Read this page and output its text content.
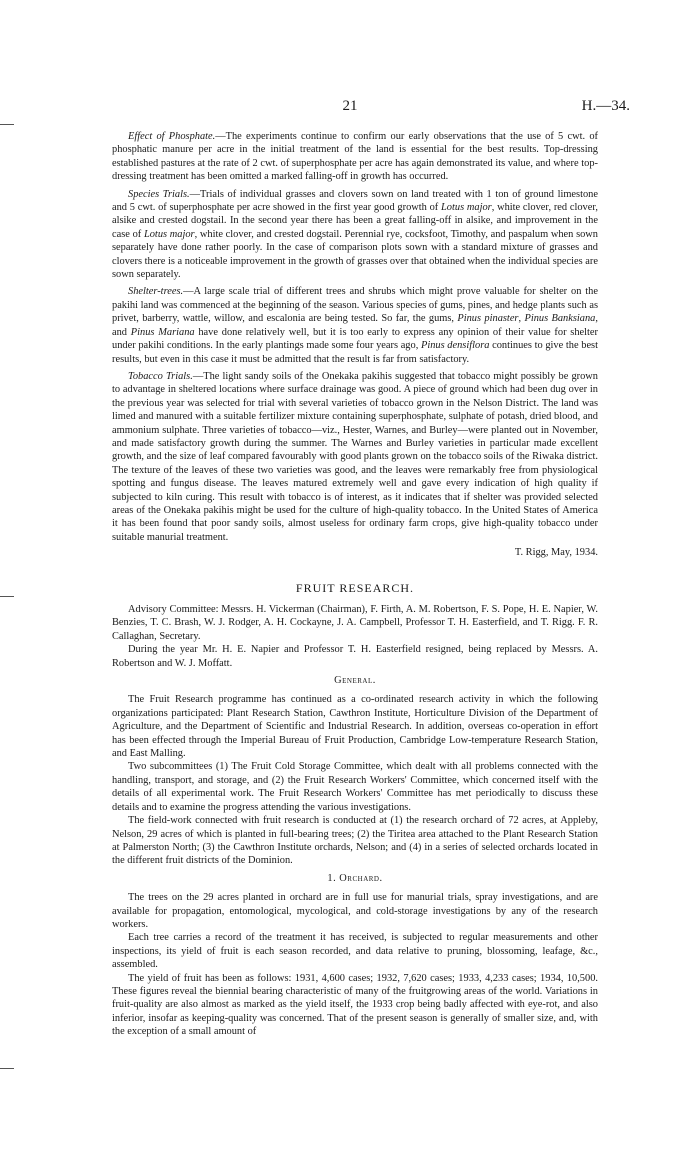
21	H.—34.

Effect of Phosphate.—The experiments continue to confirm our early observations that the use of 5 cwt. of phosphatic manure per acre in the initial treatment of the land is essential for the best results. Top-dressing established pastures at the rate of 2 cwt. of superphosphate per acre has again demonstrated its value, and where top-dressing treatment has been omitted a marked falling-off in growth has occurred.

Species Trials.—Trials of individual grasses and clovers sown on land treated with 1 ton of ground limestone and 5 cwt. of superphosphate per acre showed in the first year good growth of Lotus major, white clover, red clover, alsike and crested dogstail. In the second year there has been a great falling-off in alsike, and improvement in the case of Lotus major, white clover, and crested dogstail. Perennial rye, cocksfoot, Timothy, and paspalum when sown separately have done rather poorly. In the case of comparison plots sown with a standard mixture of grasses and clovers there is a noticeable improvement in the growth of grasses over that obtained when the individual species are sown separately.

Shelter-trees.—A large scale trial of different trees and shrubs which might prove valuable for shelter on the pakihi land was commenced at the beginning of the season. Various species of gums, pines, and hedge plants such as privet, barberry, wattle, willow, and escalonia are being tested. So far, the gums, Pinus pinaster, Pinus Banksiana, and Pinus Mariana have done relatively well, but it is too early to express any opinion of their value for shelter under pakihi conditions. In the early plantings made some four years ago, Pinus densiflora continues to give the best results, but even in this case it must be admitted that the result is far from satisfactory.

Tobacco Trials.—The light sandy soils of the Onekaka pakihis suggested that tobacco might possibly be grown to advantage in sheltered locations where surface drainage was good. A piece of ground which had been dug over in the previous year was selected for trial with several varieties of tobacco grown in the Nelson District. The land was limed and manured with a suitable fertilizer mixture containing superphosphate, sulphate of potash, dried blood, and ammonium sulphate. Three varieties of tobacco—viz., Hester, Warnes, and Burley—were planted out in November, and made satisfactory growth during the summer. The Warnes and Burley varieties in particular made excellent growth, and the size of leaf compared favourably with good plants grown on the tobacco soils of the Riwaka district. The texture of the leaves of these two varieties was good, and the leaves were remarkably free from physiological spotting and fungus disease. The leaves matured extremely well and gave every indication of high quality if subjected to kiln curing. This result with tobacco is of interest, as it indicates that if shelter was provided selected areas of the Onekaka pakihis might be used for the culture of high-quality tobacco. In the United States of America it has been found that poor sandy soils, almost useless for ordinary farm crops, give high-quality tobacco under suitable manurial treatment.

T. Rigg, May, 1934.
FRUIT RESEARCH.

Advisory Committee: Messrs. H. Vickerman (Chairman), F. Firth, A. M. Robertson, F. S. Pope, H. E. Napier, W. Benzies, T. C. Brash, W. J. Rodger, A. H. Cockayne, J. A. Campbell, Professor T. H. Easterfield, and T. Rigg. F. R. Callaghan, Secretary.

During the year Mr. H. E. Napier and Professor T. H. Easterfield resigned, being replaced by Messrs. A. Robertson and W. J. Moffatt.

General.

The Fruit Research programme has continued as a co-ordinated research activity in which the following organizations participated: Plant Research Station, Cawthron Institute, Horticulture Division of the Department of Agriculture, and the Department of Scientific and Industrial Research. In addition, overseas co-operation in effort has been effected through the Imperial Bureau of Fruit Production, Cambridge Low-temperature Research Station, and East Malling.

Two subcommittees (1) The Fruit Cold Storage Committee, which dealt with all problems connected with the handling, transport, and storage, and (2) the Fruit Research Workers' Committee, which concerned itself with the details of all experimental work. The Fruit Research Workers' Committee has met periodically to discuss these details and to examine the progress attending the various investigations.

The field-work connected with fruit research is conducted at (1) the research orchard of 72 acres, at Appleby, Nelson, 29 acres of which is planted in full-bearing trees; (2) the Tiritea area attached to the Plant Research Station at Palmerston North; (3) the Cawthron Institute orchards, Nelson; and (4) in a series of selected orchards located in the different fruit districts of the Dominion.

1. Orchard.

The trees on the 29 acres planted in orchard are in full use for manurial trials, spray investigations, and are available for propagation, entomological, mycological, and cold-storage investigations by any of the research workers.

Each tree carries a record of the treatment it has received, is subjected to regular measurements and other inspections, its yield of fruit is each season recorded, and data relative to pruning, blossoming, leafage, &c., assembled.

The yield of fruit has been as follows: 1931, 4,600 cases; 1932, 7,620 cases; 1933, 4,233 cases; 1934, 10,500. These figures reveal the biennial bearing characteristic of many of the fruitgrowing areas of the world. Variations in fruit-quality are also almost as marked as the yield itself, the 1933 crop being badly affected with eye-rot, and also inferior, insofar as keeping-quality was concerned. That of the present season is generally of smaller size, and, with the exception of a small amount of
